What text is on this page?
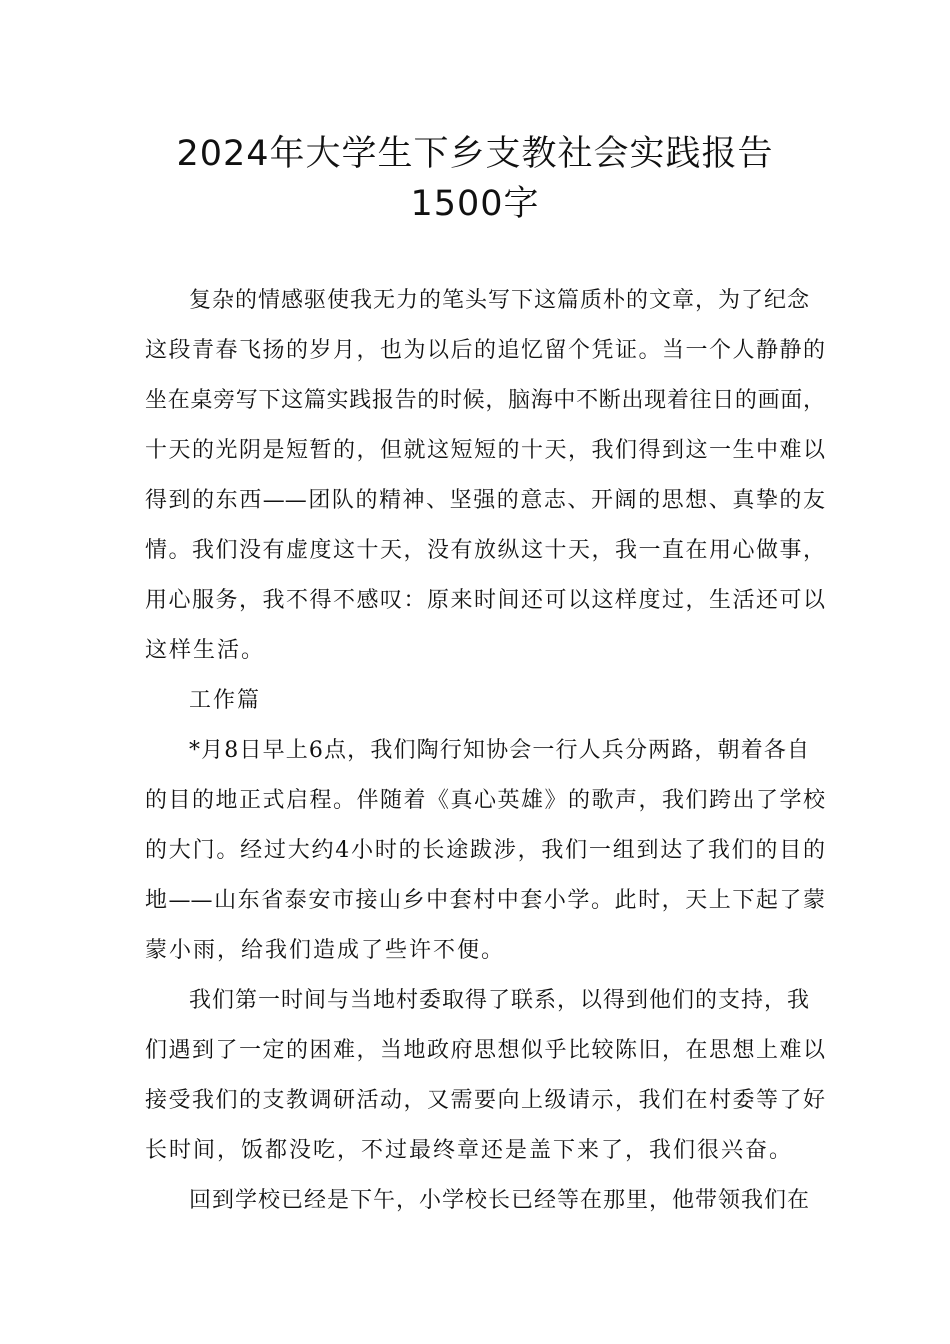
2024年大学生下乡支教社会实践报告
1500字
复杂的情感驱使我无力的笔头写下这篇质朴的文章，为了纪念
这段青春飞扬的岁月，也为以后的追忆留个凭证。当一个人静静的
坐在桌旁写下这篇实践报告的时候，脑海中不断出现着往日的画面，
十天的光阴是短暂的，但就这短短的十天，我们得到这一生中难以
得到的东西——团队的精神、坚强的意志、开阔的思想、真挚的友
情。我们没有虚度这十天，没有放纵这十天，我一直在用心做事，
用心服务，我不得不感叹：原来时间还可以这样度过，生活还可以
这样生活。
工作篇
*月8日早上6点，我们陶行知协会一行人兵分两路，朝着各自
的目的地正式启程。伴随着《真心英雄》的歌声，我们跨出了学校
的大门。经过大约4小时的长途跋涉，我们一组到达了我们的目的
地——山东省泰安市接山乡中套村中套小学。此时，天上下起了蒙
蒙小雨，给我们造成了些许不便。
我们第一时间与当地村委取得了联系，以得到他们的支持，我
们遇到了一定的困难，当地政府思想似乎比较陈旧，在思想上难以
接受我们的支教调研活动，又需要向上级请示，我们在村委等了好
长时间，饭都没吃，不过最终章还是盖下来了，我们很兴奋。
回到学校已经是下午，小学校长已经等在那里，他带领我们在
